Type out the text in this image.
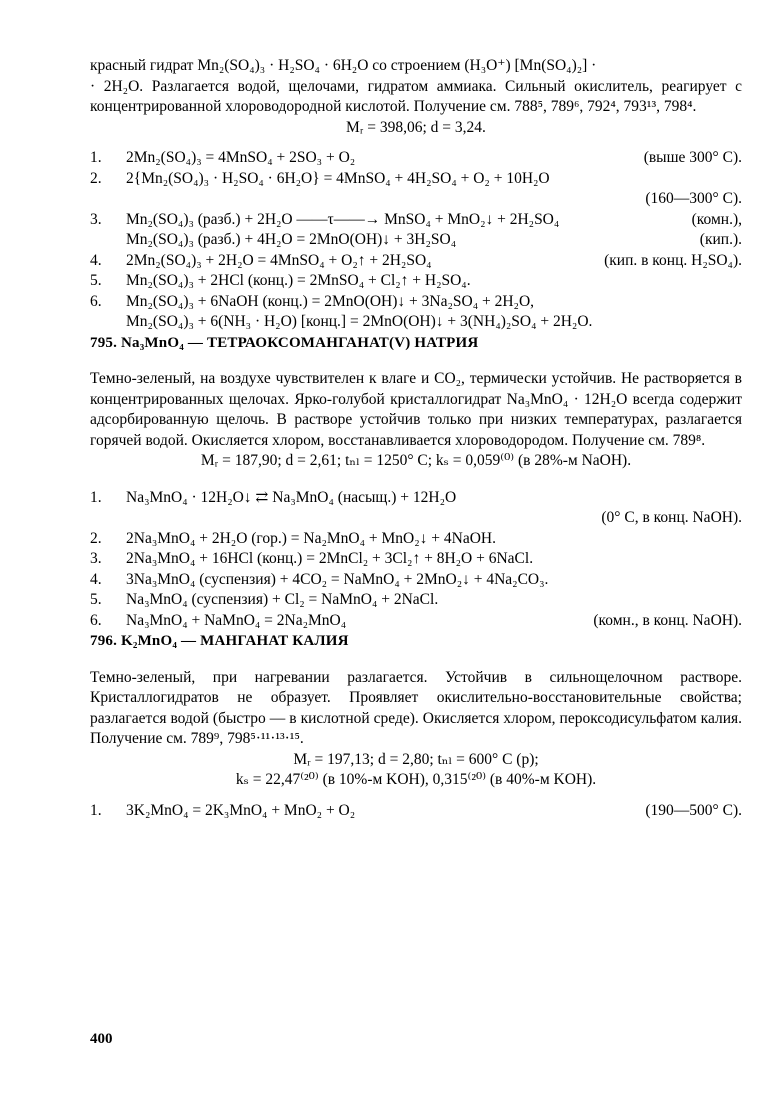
красный гидрат Mn₂(SO₄)₃ · H₂SO₄ · 6H₂O со строением (H₃O⁺) [Mn(SO₄)₂] ·

· 2H₂O. Разлагается водой, щелочами, гидратом аммиака. Сильный окислитель, реагирует с концентрированной хлороводородной кислотой. Получение см. 788⁵, 789⁶, 792⁴, 793¹³, 798⁴.

Mᵣ = 398,06; d = 3,24.

1.	2Mn₂(SO₄)₃ = 4MnSO₄ + 2SO₃ + O₂	(выше 300° C).
2.	2{Mn₂(SO₄)₃ · H₂SO₄ · 6H₂O} = 4MnSO₄ + 4H₂SO₄ + O₂ + 10H₂O

(160—300° C).

3.	Mn₂(SO₄)₃ (разб.) + 2H₂O ——τ——→ MnSO₄ + MnO₂↓ + 2H₂SO₄	(комн.),
Mn₂(SO₄)₃ (разб.) + 4H₂O = 2MnO(OH)↓ + 3H₂SO₄	(кип.).
4.	2Mn₂(SO₄)₃ + 2H₂O = 4MnSO₄ + O₂↑ + 2H₂SO₄	(кип. в конц. H₂SO₄).
5.	Mn₂(SO₄)₃ + 2HCl (конц.) = 2MnSO₄ + Cl₂↑ + H₂SO₄.
6.	Mn₂(SO₄)₃ + 6NaOH (конц.) = 2MnO(OH)↓ + 3Na₂SO₄ + 2H₂O,
Mn₂(SO₄)₃ + 6(NH₃ · H₂O) [конц.] = 2MnO(OH)↓ + 3(NH₄)₂SO₄ + 2H₂O.

795. Na₃MnO₄ — ТЕТРАОКСОМАНГАНАТ(V) НАТРИЯ

Темно-зеленый, на воздухе чувствителен к влаге и CO₂, термически устойчив. Не растворяется в концентрированных щелочах. Ярко-голубой кристаллогидрат Na₃MnO₄ · 12H₂O всегда содержит адсорбированную щелочь. В растворе устойчив только при низких температурах, разлагается горячей водой. Окисляется хлором, восстанавливается хлороводородом. Получение см. 789⁸.

Mᵣ = 187,90; d = 2,61; tₙₗ = 1250° C; kₛ = 0,059⁽⁰⁾ (в 28%-м NaOH).

1.	Na₃MnO₄ · 12H₂O↓ ⇄ Na₃MnO₄ (насыщ.) + 12H₂O

(0° C, в конц. NaOH).

2.	2Na₃MnO₄ + 2H₂O (гор.) = Na₂MnO₄ + MnO₂↓ + 4NaOH.
3.	2Na₃MnO₄ + 16HCl (конц.) = 2MnCl₂ + 3Cl₂↑ + 8H₂O + 6NaCl.
4.	3Na₃MnO₄ (суспензия) + 4CO₂ = NaMnO₄ + 2MnO₂↓ + 4Na₂CO₃.
5.	Na₃MnO₄ (суспензия) + Cl₂ = NaMnO₄ + 2NaCl.
6.	Na₃MnO₄ + NaMnO₄ = 2Na₂MnO₄	(комн., в конц. NaOH).

796. K₂MnO₄ — МАНГАНАТ КАЛИЯ

Темно-зеленый, при нагревании разлагается. Устойчив в сильнощелочном растворе. Кристаллогидратов не образует. Проявляет окислительно-восстановительные свойства; разлагается водой (быстро — в кислотной среде). Окисляется хлором, пероксодисульфатом калия. Получение см. 789⁹, 798⁵·¹¹·¹³·¹⁵.

Mᵣ = 197,13; d = 2,80; tₙₗ = 600° C (p);

kₛ = 22,47⁽²⁰⁾ (в 10%-м KOH), 0,315⁽²⁰⁾ (в 40%-м KOH).

1.	3K₂MnO₄ = 2K₃MnO₄ + MnO₂ + O₂	(190—500° C).
400
